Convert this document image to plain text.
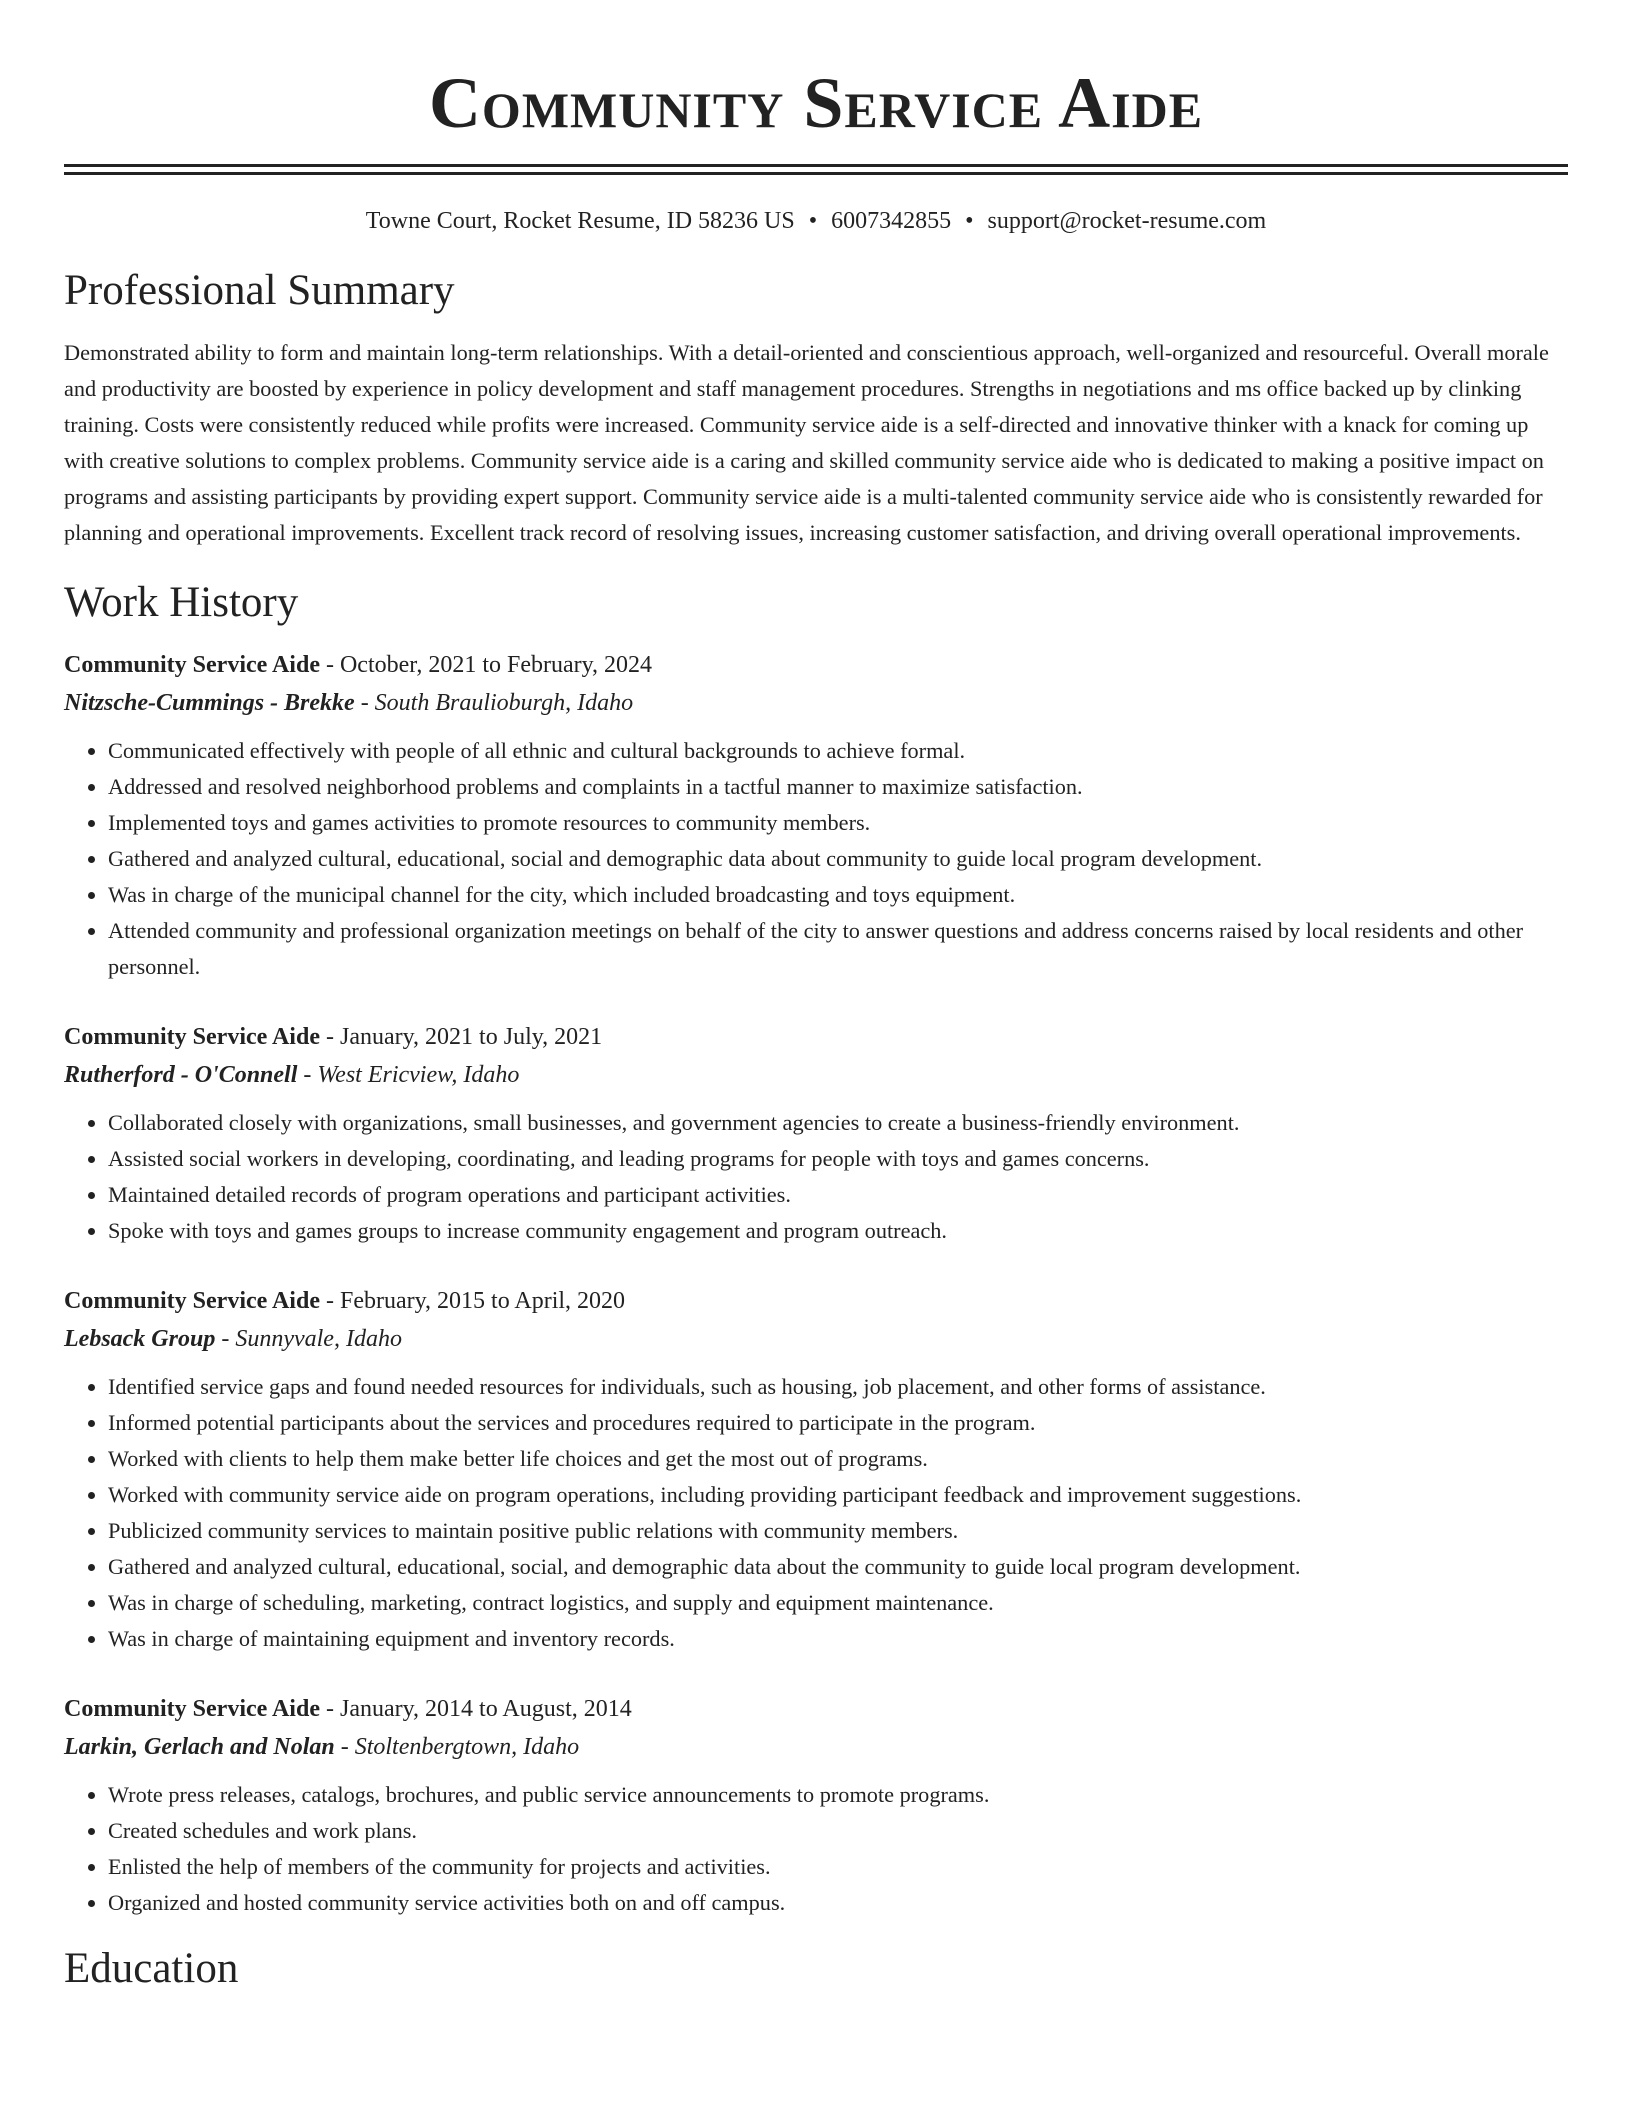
Community Service Aide
Towne Court, Rocket Resume, ID 58236 US • 6007342855 • support@rocket-resume.com
Professional Summary
Demonstrated ability to form and maintain long-term relationships. With a detail-oriented and conscientious approach, well-organized and resourceful. Overall morale and productivity are boosted by experience in policy development and staff management procedures. Strengths in negotiations and ms office backed up by clinking training. Costs were consistently reduced while profits were increased. Community service aide is a self-directed and innovative thinker with a knack for coming up with creative solutions to complex problems. Community service aide is a caring and skilled community service aide who is dedicated to making a positive impact on programs and assisting participants by providing expert support. Community service aide is a multi-talented community service aide who is consistently rewarded for planning and operational improvements. Excellent track record of resolving issues, increasing customer satisfaction, and driving overall operational improvements.
Work History
Community Service Aide - October, 2021 to February, 2024
Nitzsche-Cummings - Brekke - South Braulioburgh, Idaho
• Communicated effectively with people of all ethnic and cultural backgrounds to achieve formal.
• Addressed and resolved neighborhood problems and complaints in a tactful manner to maximize satisfaction.
• Implemented toys and games activities to promote resources to community members.
• Gathered and analyzed cultural, educational, social and demographic data about community to guide local program development.
• Was in charge of the municipal channel for the city, which included broadcasting and toys equipment.
• Attended community and professional organization meetings on behalf of the city to answer questions and address concerns raised by local residents and other personnel.
Community Service Aide - January, 2021 to July, 2021
Rutherford - O'Connell - West Ericview, Idaho
• Collaborated closely with organizations, small businesses, and government agencies to create a business-friendly environment.
• Assisted social workers in developing, coordinating, and leading programs for people with toys and games concerns.
• Maintained detailed records of program operations and participant activities.
• Spoke with toys and games groups to increase community engagement and program outreach.
Community Service Aide - February, 2015 to April, 2020
Lebsack Group - Sunnyvale, Idaho
• Identified service gaps and found needed resources for individuals, such as housing, job placement, and other forms of assistance.
• Informed potential participants about the services and procedures required to participate in the program.
• Worked with clients to help them make better life choices and get the most out of programs.
• Worked with community service aide on program operations, including providing participant feedback and improvement suggestions.
• Publicized community services to maintain positive public relations with community members.
• Gathered and analyzed cultural, educational, social, and demographic data about the community to guide local program development.
• Was in charge of scheduling, marketing, contract logistics, and supply and equipment maintenance.
• Was in charge of maintaining equipment and inventory records.
Community Service Aide - January, 2014 to August, 2014
Larkin, Gerlach and Nolan - Stoltenbergtown, Idaho
• Wrote press releases, catalogs, brochures, and public service announcements to promote programs.
• Created schedules and work plans.
• Enlisted the help of members of the community for projects and activities.
• Organized and hosted community service activities both on and off campus.
Education
